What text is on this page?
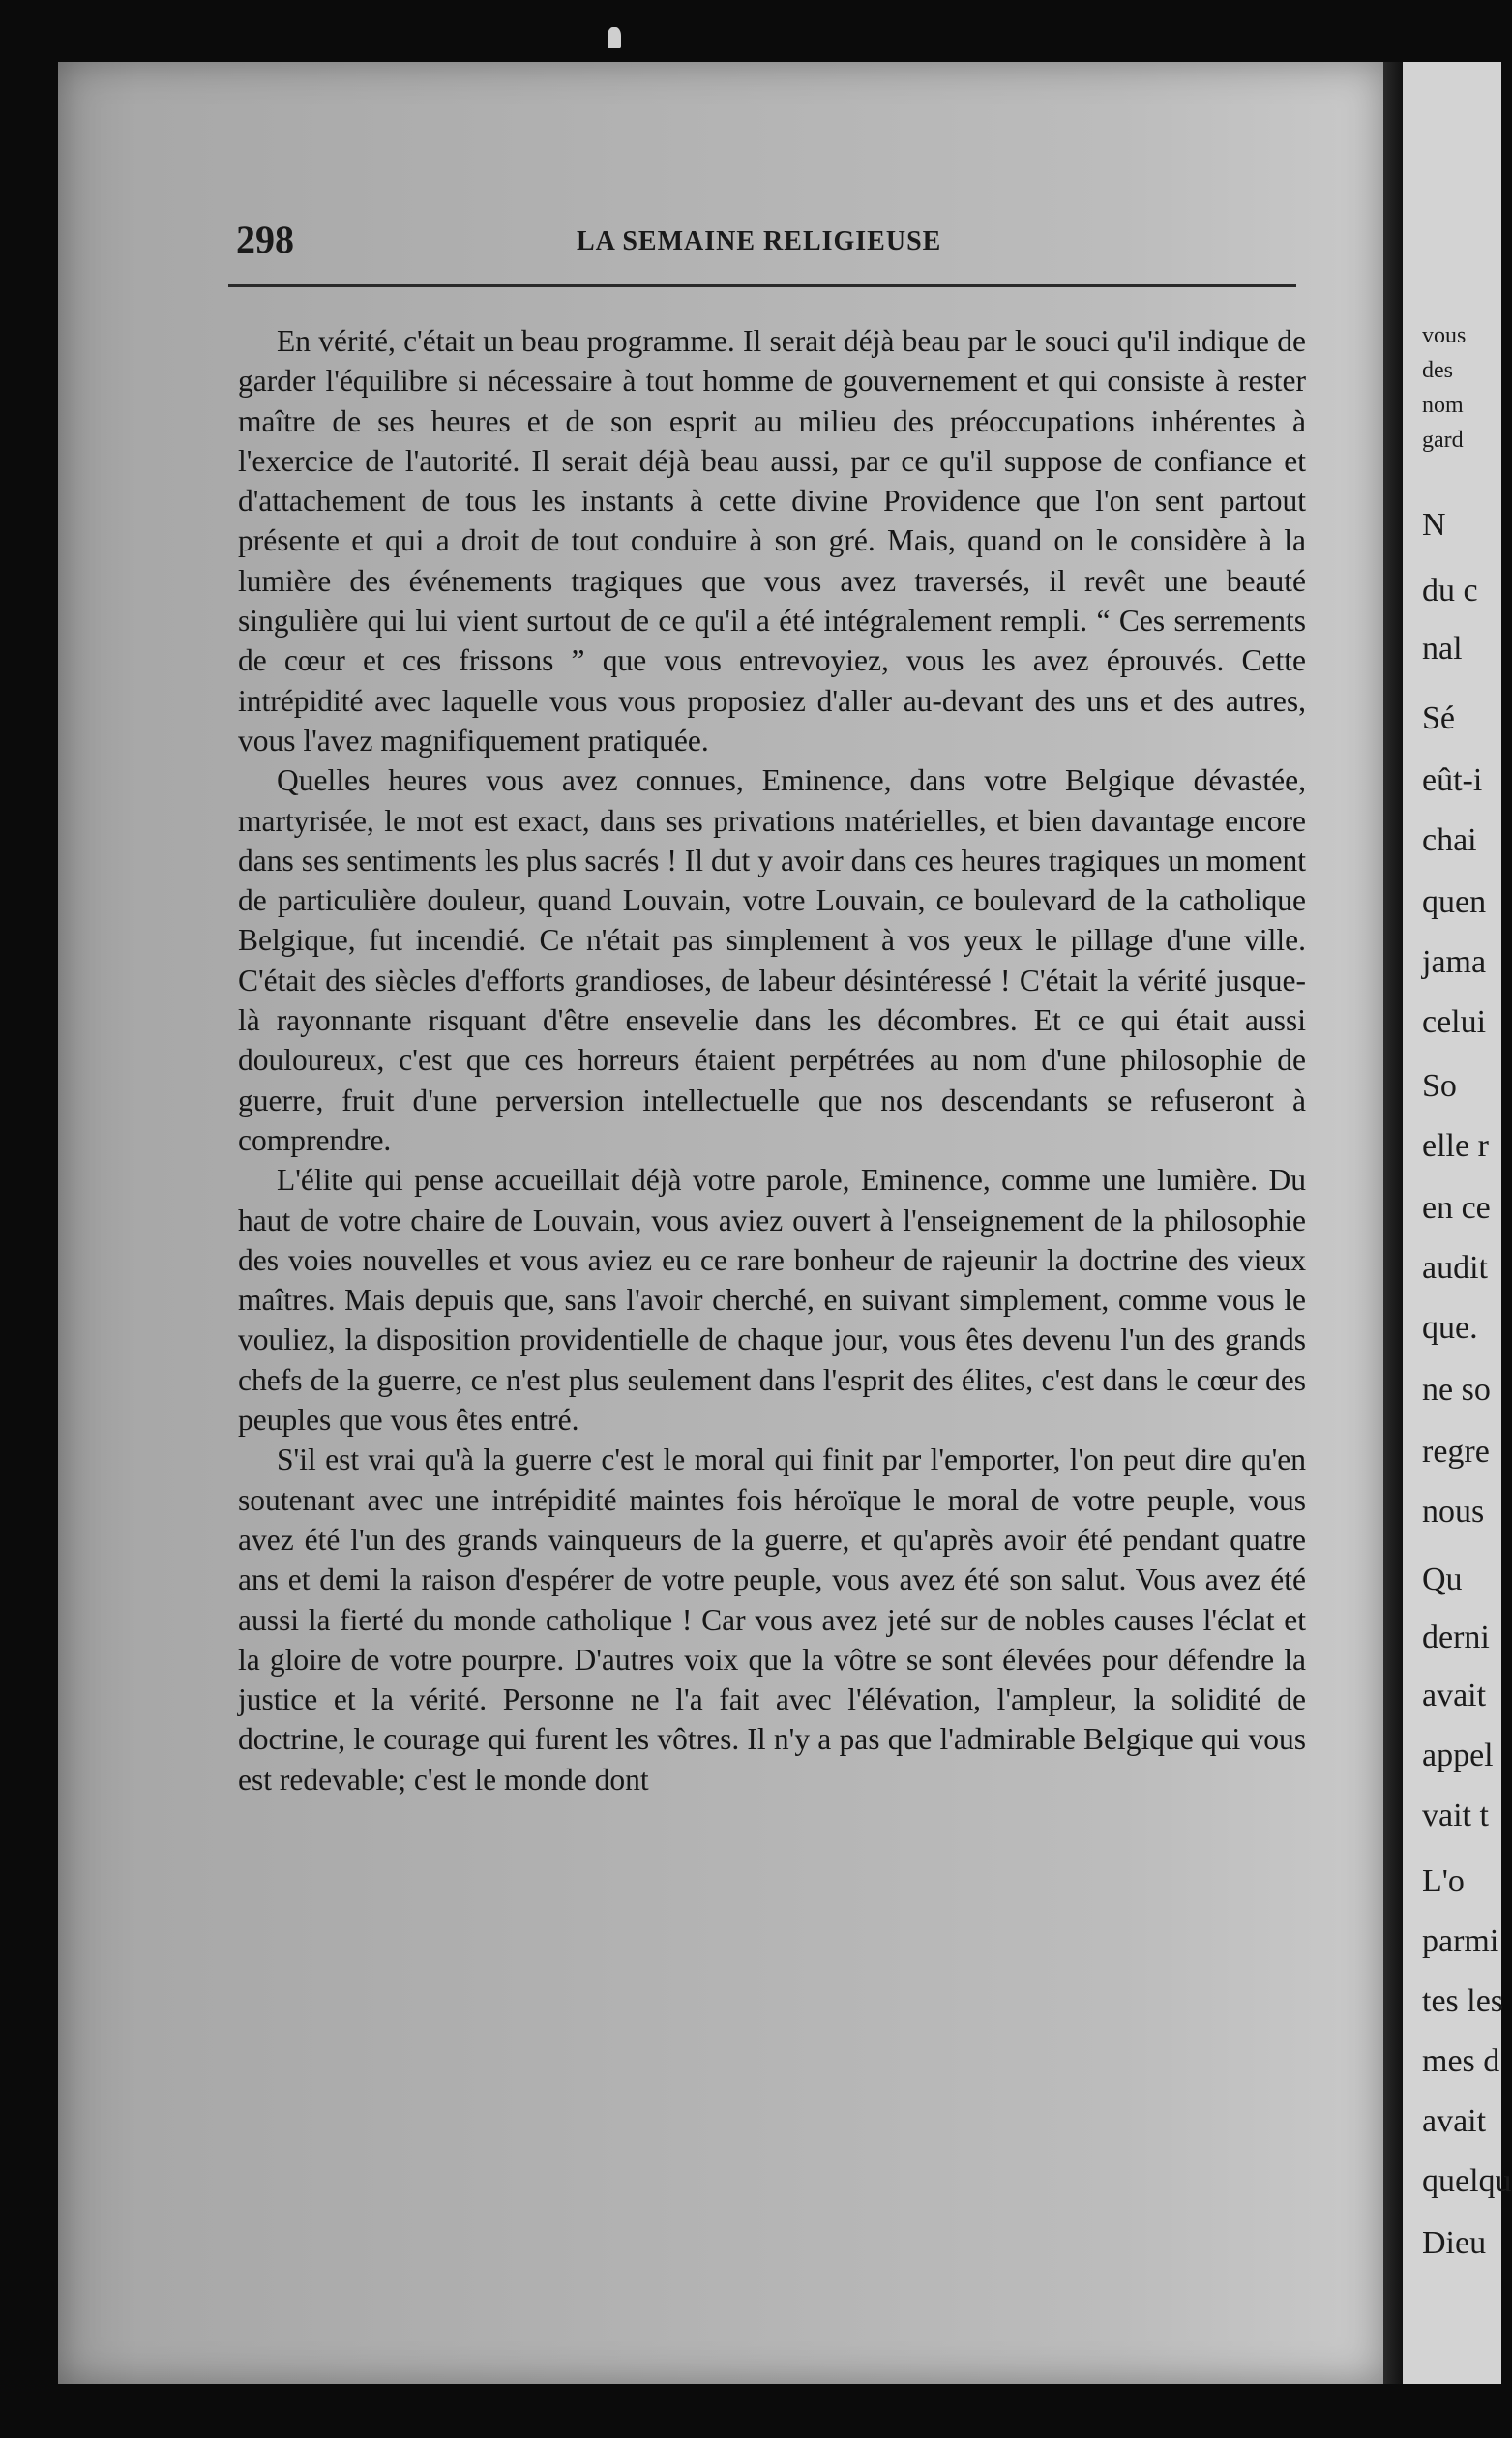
298	LA SEMAINE RELIGIEUSE

En vérité, c'était un beau programme. Il serait déjà beau par le souci qu'il indique de garder l'équilibre si nécessaire à tout homme de gouvernement et qui consiste à rester maître de ses heures et de son esprit au milieu des préoccupations inhérentes à l'exercice de l'autorité. Il serait déjà beau aussi, par ce qu'il suppose de confiance et d'attachement de tous les instants à cette divine Providence que l'on sent partout présente et qui a droit de tout conduire à son gré. Mais, quand on le considère à la lumière des événements tragiques que vous avez traversés, il revêt une beauté singulière qui lui vient surtout de ce qu'il a été intégralement rempli. “ Ces serrements de cœur et ces frissons ” que vous entrevoyiez, vous les avez éprouvés. Cette intrépidité avec laquelle vous vous proposiez d'aller au-devant des uns et des autres, vous l'avez magnifiquement pratiquée.

Quelles heures vous avez connues, Eminence, dans votre Belgique dévastée, martyrisée, le mot est exact, dans ses privations matérielles, et bien davantage encore dans ses sentiments les plus sacrés ! Il dut y avoir dans ces heures tragiques un moment de particulière douleur, quand Louvain, votre Louvain, ce boulevard de la catholique Belgique, fut incendié. Ce n'était pas simplement à vos yeux le pillage d'une ville. C'était des siècles d'efforts grandioses, de labeur désintéressé ! C'était la vérité jusque-là rayonnante risquant d'être ensevelie dans les décombres. Et ce qui était aussi douloureux, c'est que ces horreurs étaient perpétrées au nom d'une philosophie de guerre, fruit d'une perversion intellectuelle que nos descendants se refuseront à comprendre.

L'élite qui pense accueillait déjà votre parole, Eminence, comme une lumière. Du haut de votre chaire de Louvain, vous aviez ouvert à l'enseignement de la philosophie des voies nouvelles et vous aviez eu ce rare bonheur de rajeunir la doctrine des vieux maîtres. Mais depuis que, sans l'avoir cherché, en suivant simplement, comme vous le vouliez, la disposition providentielle de chaque jour, vous êtes devenu l'un des grands chefs de la guerre, ce n'est plus seulement dans l'esprit des élites, c'est dans le cœur des peuples que vous êtes entré.

S'il est vrai qu'à la guerre c'est le moral qui finit par l'emporter, l'on peut dire qu'en soutenant avec une intrépidité maintes fois héroïque le moral de votre peuple, vous avez été l'un des grands vainqueurs de la guerre, et qu'après avoir été pendant quatre ans et demi la raison d'espérer de votre peuple, vous avez été son salut. Vous avez été aussi la fierté du monde catholique ! Car vous avez jeté sur de nobles causes l'éclat et la gloire de votre pourpre. D'autres voix que la vôtre se sont élevées pour défendre la justice et la vérité. Personne ne l'a fait avec l'élévation, l'ampleur, la solidité de doctrine, le courage qui furent les vôtres. Il n'y a pas que l'admirable Belgique qui vous est redevable; c'est le monde dont

vous
des
nom
gard
N
du c
nal
Sé
eût-i
chai
quen
jama
celui
So
elle r
en ce
audit
que.
ne so
regre
nous
Qu
derni
avait
appel
vait t
L'o
parmi
tes les
mes d
avait
quelqu
Dieu
